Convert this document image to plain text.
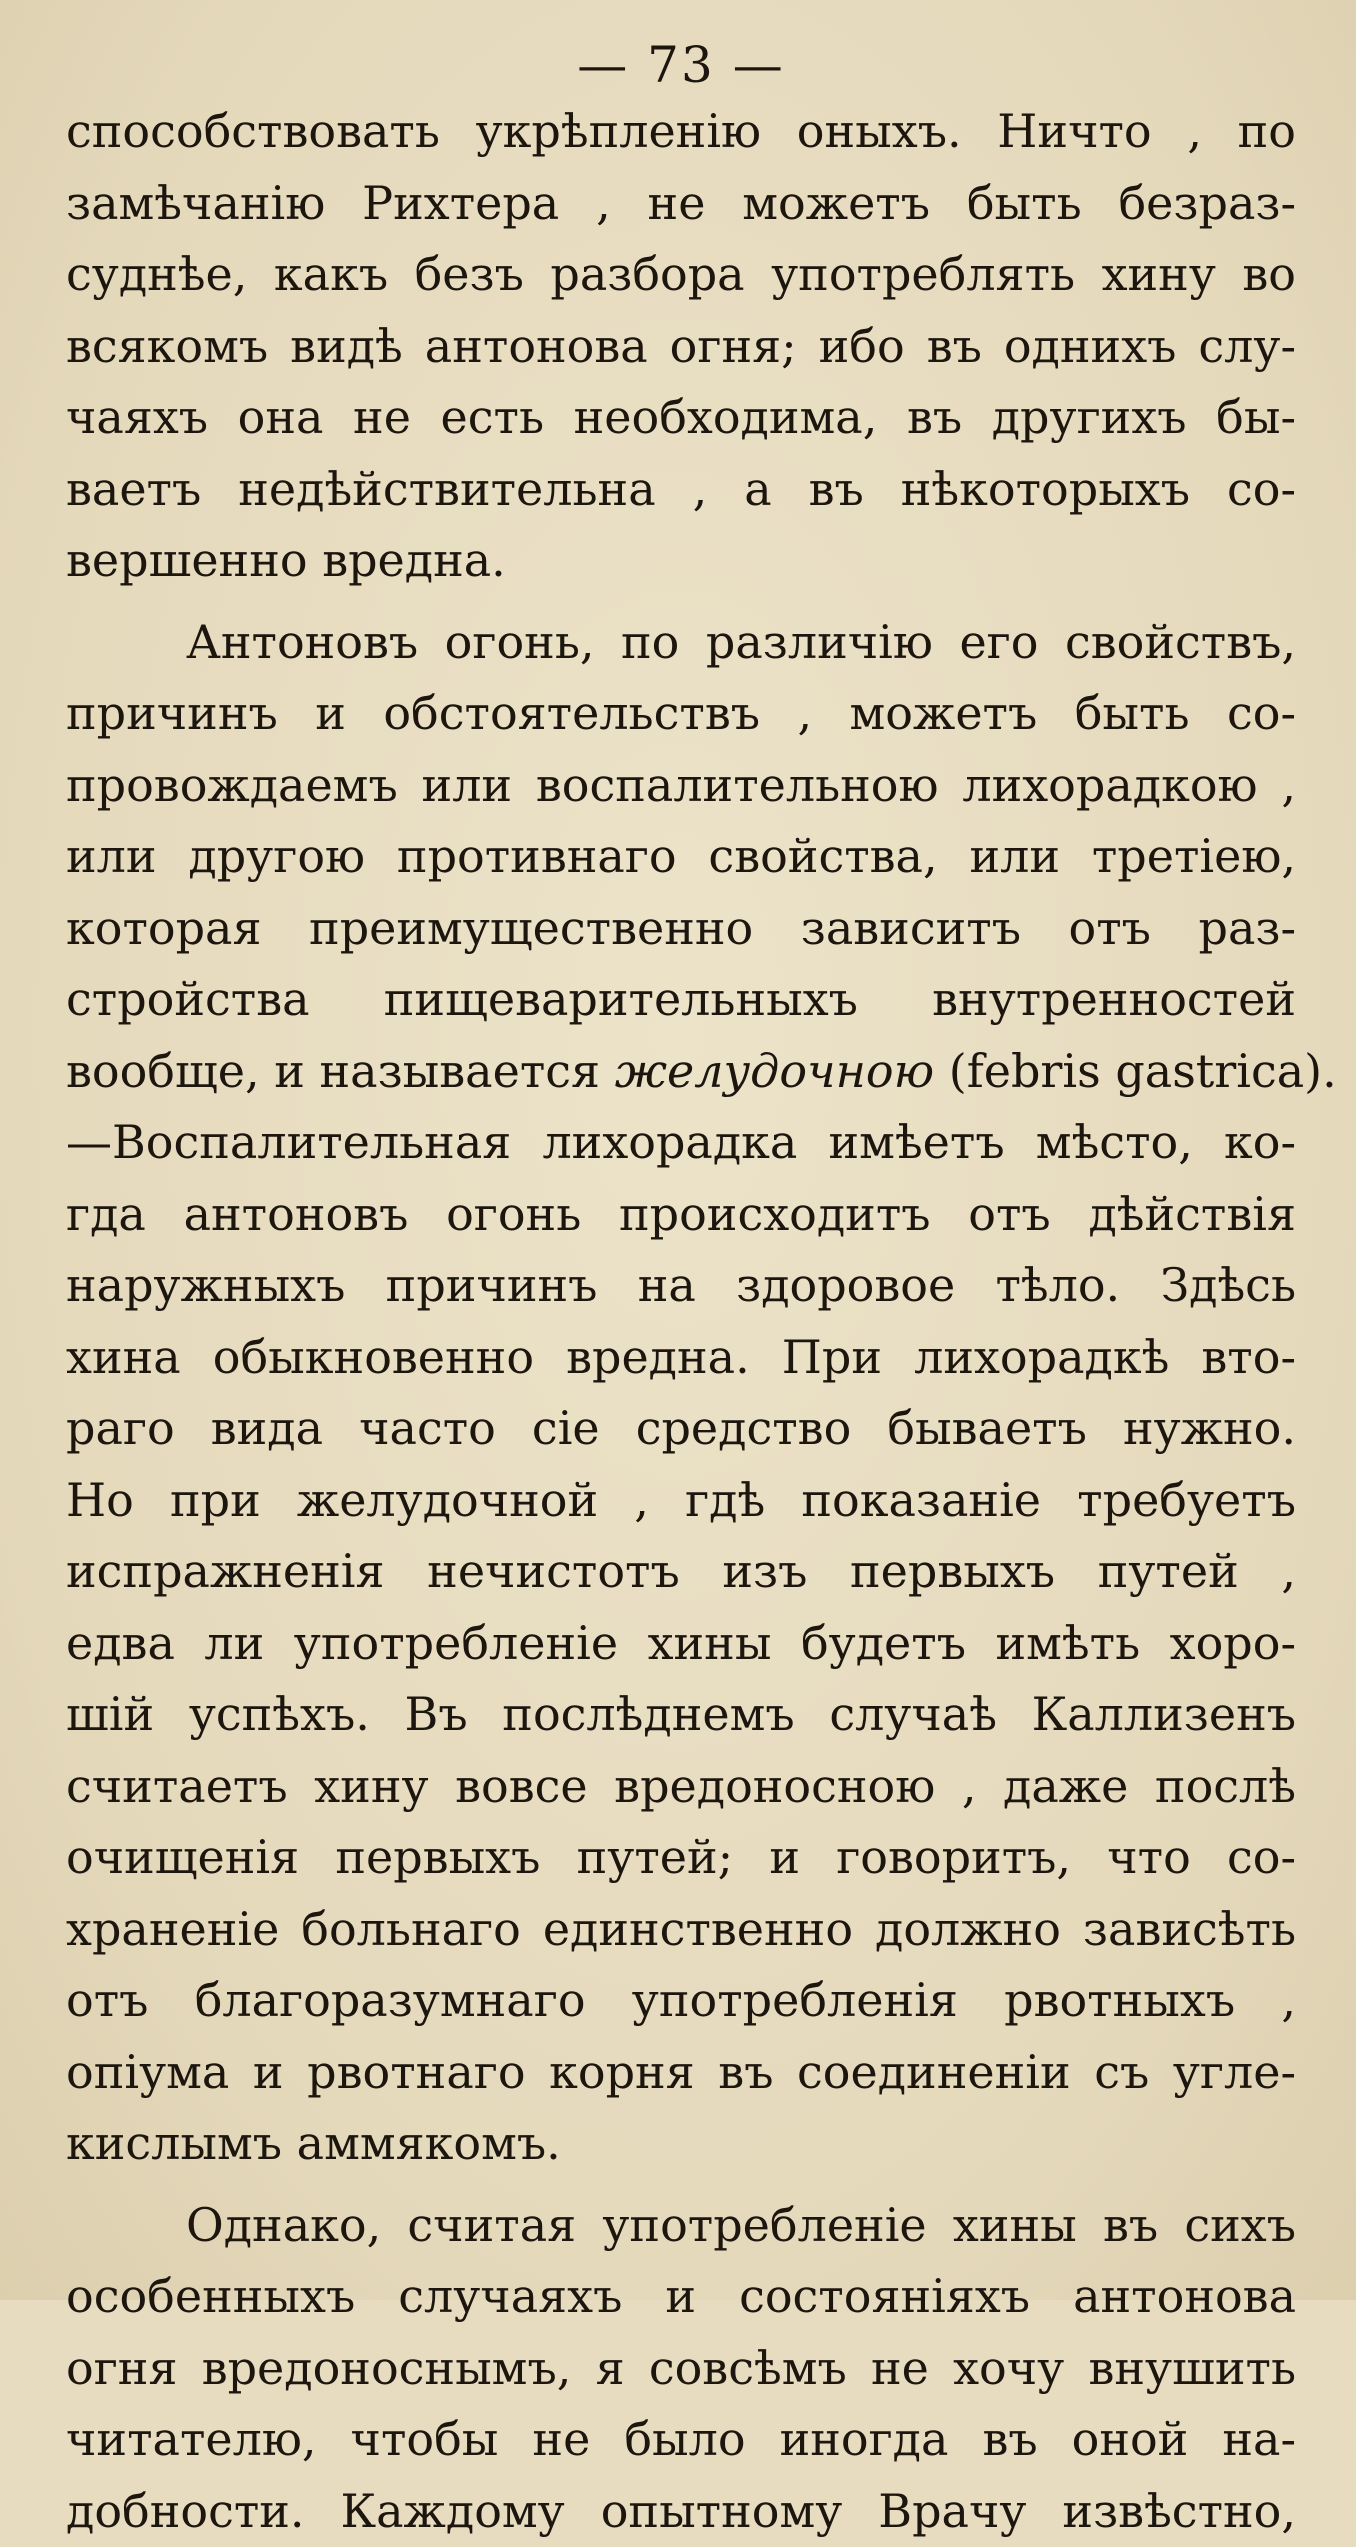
— 73 —
способствовать укрѣпленію оныхъ. Ничто , по
замѣчанію Рихтера , не можетъ быть безраз-
суднѣе, какъ безъ разбора употреблять хину во
всякомъ видѣ антонова огня; ибо въ однихъ слу-
чаяхъ она не есть необходима, въ другихъ бы-
ваетъ недѣйствительна , а въ нѣкоторыхъ со-
вершенно вредна.
Антоновъ огонь, по различію его свойствъ,
причинъ и обстоятельствъ , можетъ быть со-
провождаемъ или воспалительною лихорадкою ,
или другою противнаго свойства, или третіею,
которая преимущественно зависитъ отъ раз-
стройства пищеварительныхъ внутренностей
вообще, и называется желудочною (febris gastrica).
—Воспалительная лихорадка имѣетъ мѣсто, ко-
гда антоновъ огонь происходитъ отъ дѣйствія
наружныхъ причинъ на здоровое тѣло. Здѣсь
хина обыкновенно вредна. При лихорадкѣ вто-
раго вида часто сіе средство бываетъ нужно.
Но при желудочной , гдѣ показаніе требуетъ
испражненія нечистотъ изъ первыхъ путей ,
едва ли употребленіе хины будетъ имѣть хоро-
шій успѣхъ. Въ послѣднемъ случаѣ Каллизенъ
считаетъ хину вовсе вредоносною , даже послѣ
очищенія первыхъ путей; и говоритъ, что со-
храненіе больнаго единственно должно зависѣть
отъ благоразумнаго употребленія рвотныхъ ,
опіума и рвотнаго корня въ соединеніи съ угле-
кислымъ аммякомъ.
Однако, считая употребленіе хины въ сихъ
особенныхъ случаяхъ и состояніяхъ антонова
огня вредоноснымъ, я совсѣмъ не хочу внушить
читателю, чтобы не было иногда въ оной на-
добности. Каждому опытному Врачу извѣстно,
